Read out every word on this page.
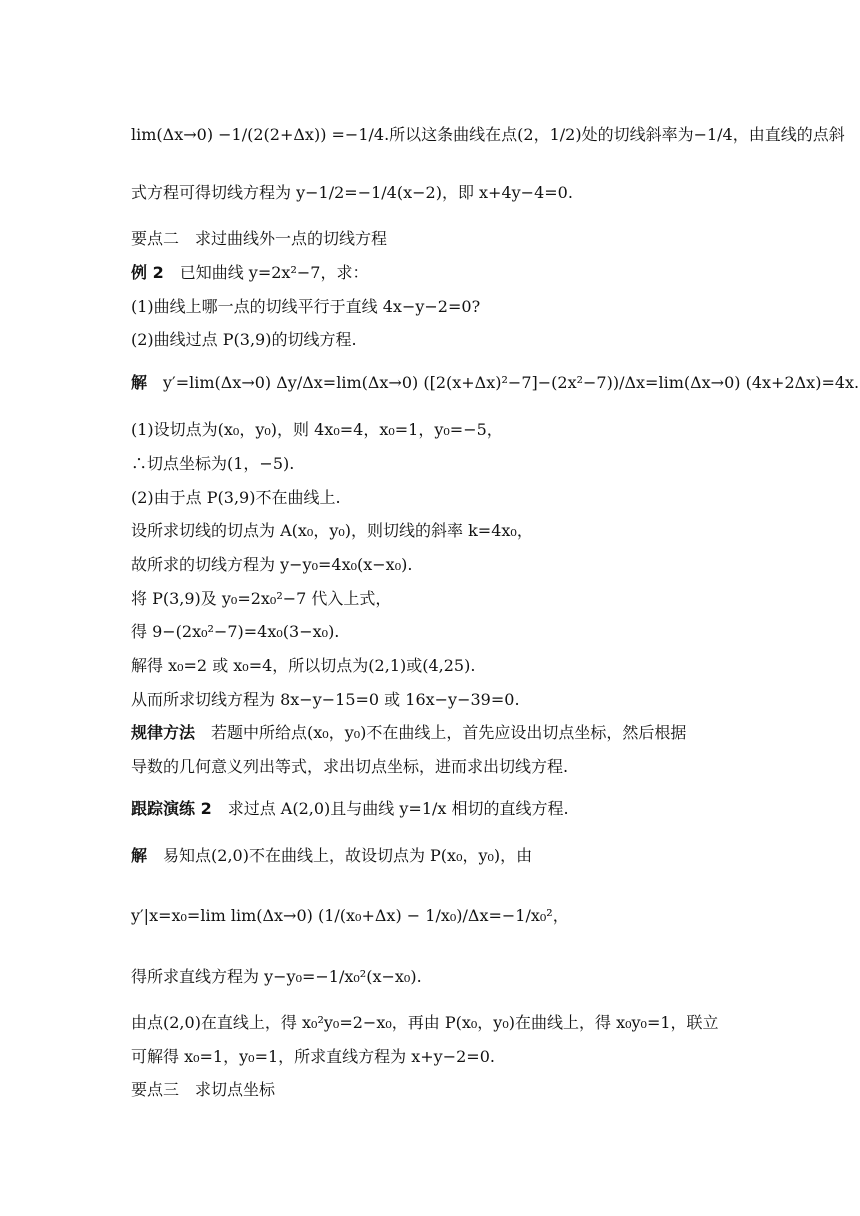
lim(Δx→0) −1/(2(2+Δx)) =−1/4.所以这条曲线在点(2，1/2)处的切线斜率为−1/4，由直线的点斜
式方程可得切线方程为 y−1/2=−1/4(x−2)，即 x+4y−4=0.
要点二　求过曲线外一点的切线方程
例 2　已知曲线 y=2x²−7，求：
(1)曲线上哪一点的切线平行于直线 4x−y−2=0?
(2)曲线过点 P(3,9)的切线方程.
解　y′=lim(Δx→0) Δy/Δx=lim(Δx→0) ([2(x+Δx)²−7]−(2x²−7))/Δx=lim(Δx→0) (4x+2Δx)=4x.
(1)设切点为(x₀，y₀)，则 4x₀=4，x₀=1，y₀=−5，
∴切点坐标为(1，−5).
(2)由于点 P(3,9)不在曲线上.
设所求切线的切点为 A(x₀，y₀)，则切线的斜率 k=4x₀，
故所求的切线方程为 y−y₀=4x₀(x−x₀).
将 P(3,9)及 y₀=2x₀²−7 代入上式，
得 9−(2x₀²−7)=4x₀(3−x₀).
解得 x₀=2 或 x₀=4，所以切点为(2,1)或(4,25).
从而所求切线方程为 8x−y−15=0 或 16x−y−39=0.
规律方法　若题中所给点(x₀，y₀)不在曲线上，首先应设出切点坐标，然后根据
导数的几何意义列出等式，求出切点坐标，进而求出切线方程.
跟踪演练 2　求过点 A(2,0)且与曲线 y=1/x 相切的直线方程.
解　易知点(2,0)不在曲线上，故设切点为 P(x₀，y₀)，由
y′|x=x₀=lim lim(Δx→0) (1/(x₀+Δx) − 1/x₀)/Δx=−1/x₀²，
得所求直线方程为 y−y₀=−1/x₀²(x−x₀).
由点(2,0)在直线上，得 x₀²y₀=2−x₀，再由 P(x₀，y₀)在曲线上，得 x₀y₀=1，联立
可解得 x₀=1，y₀=1，所求直线方程为 x+y−2=0.
要点三　求切点坐标
